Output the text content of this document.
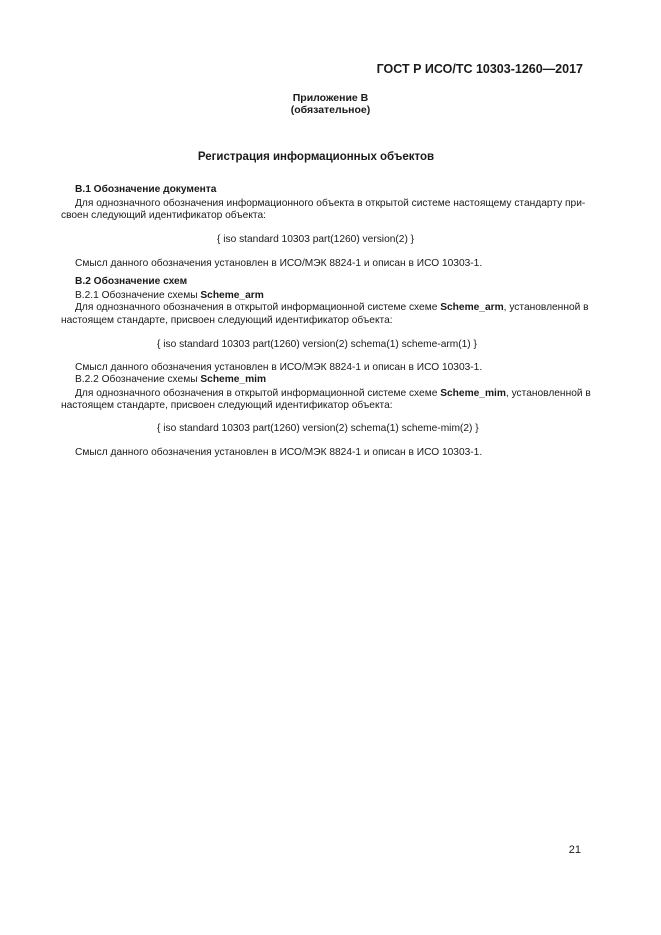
ГОСТ Р ИСО/ТС 10303-1260—2017
Приложение В
(обязательное)
Регистрация информационных объектов
В.1 Обозначение документа
Для однозначного обозначения информационного объекта в открытой системе настоящему стандарту при-
своен следующий идентификатор объекта:
{ iso standard 10303 part(1260) version(2) }
Смысл данного обозначения установлен в ИСО/МЭК 8824-1 и описан в ИСО 10303-1.
В.2 Обозначение схем
В.2.1 Обозначение схемы Scheme_arm
Для однозначного обозначения в открытой информационной системе схеме Scheme_arm, установленной в
настоящем стандарте, присвоен следующий идентификатор объекта:
{ iso standard 10303 part(1260) version(2) schema(1) scheme-arm(1) }
Смысл данного обозначения установлен в ИСО/МЭК 8824-1 и описан в ИСО 10303-1.
В.2.2 Обозначение схемы Scheme_mim
Для однозначного обозначения в открытой информационной системе схеме Scheme_mim, установленной в
настоящем стандарте, присвоен следующий идентификатор объекта:
{ iso standard 10303 part(1260) version(2) schema(1) scheme-mim(2) }
Смысл данного обозначения установлен в ИСО/МЭК 8824-1 и описан в ИСО 10303-1.
21
